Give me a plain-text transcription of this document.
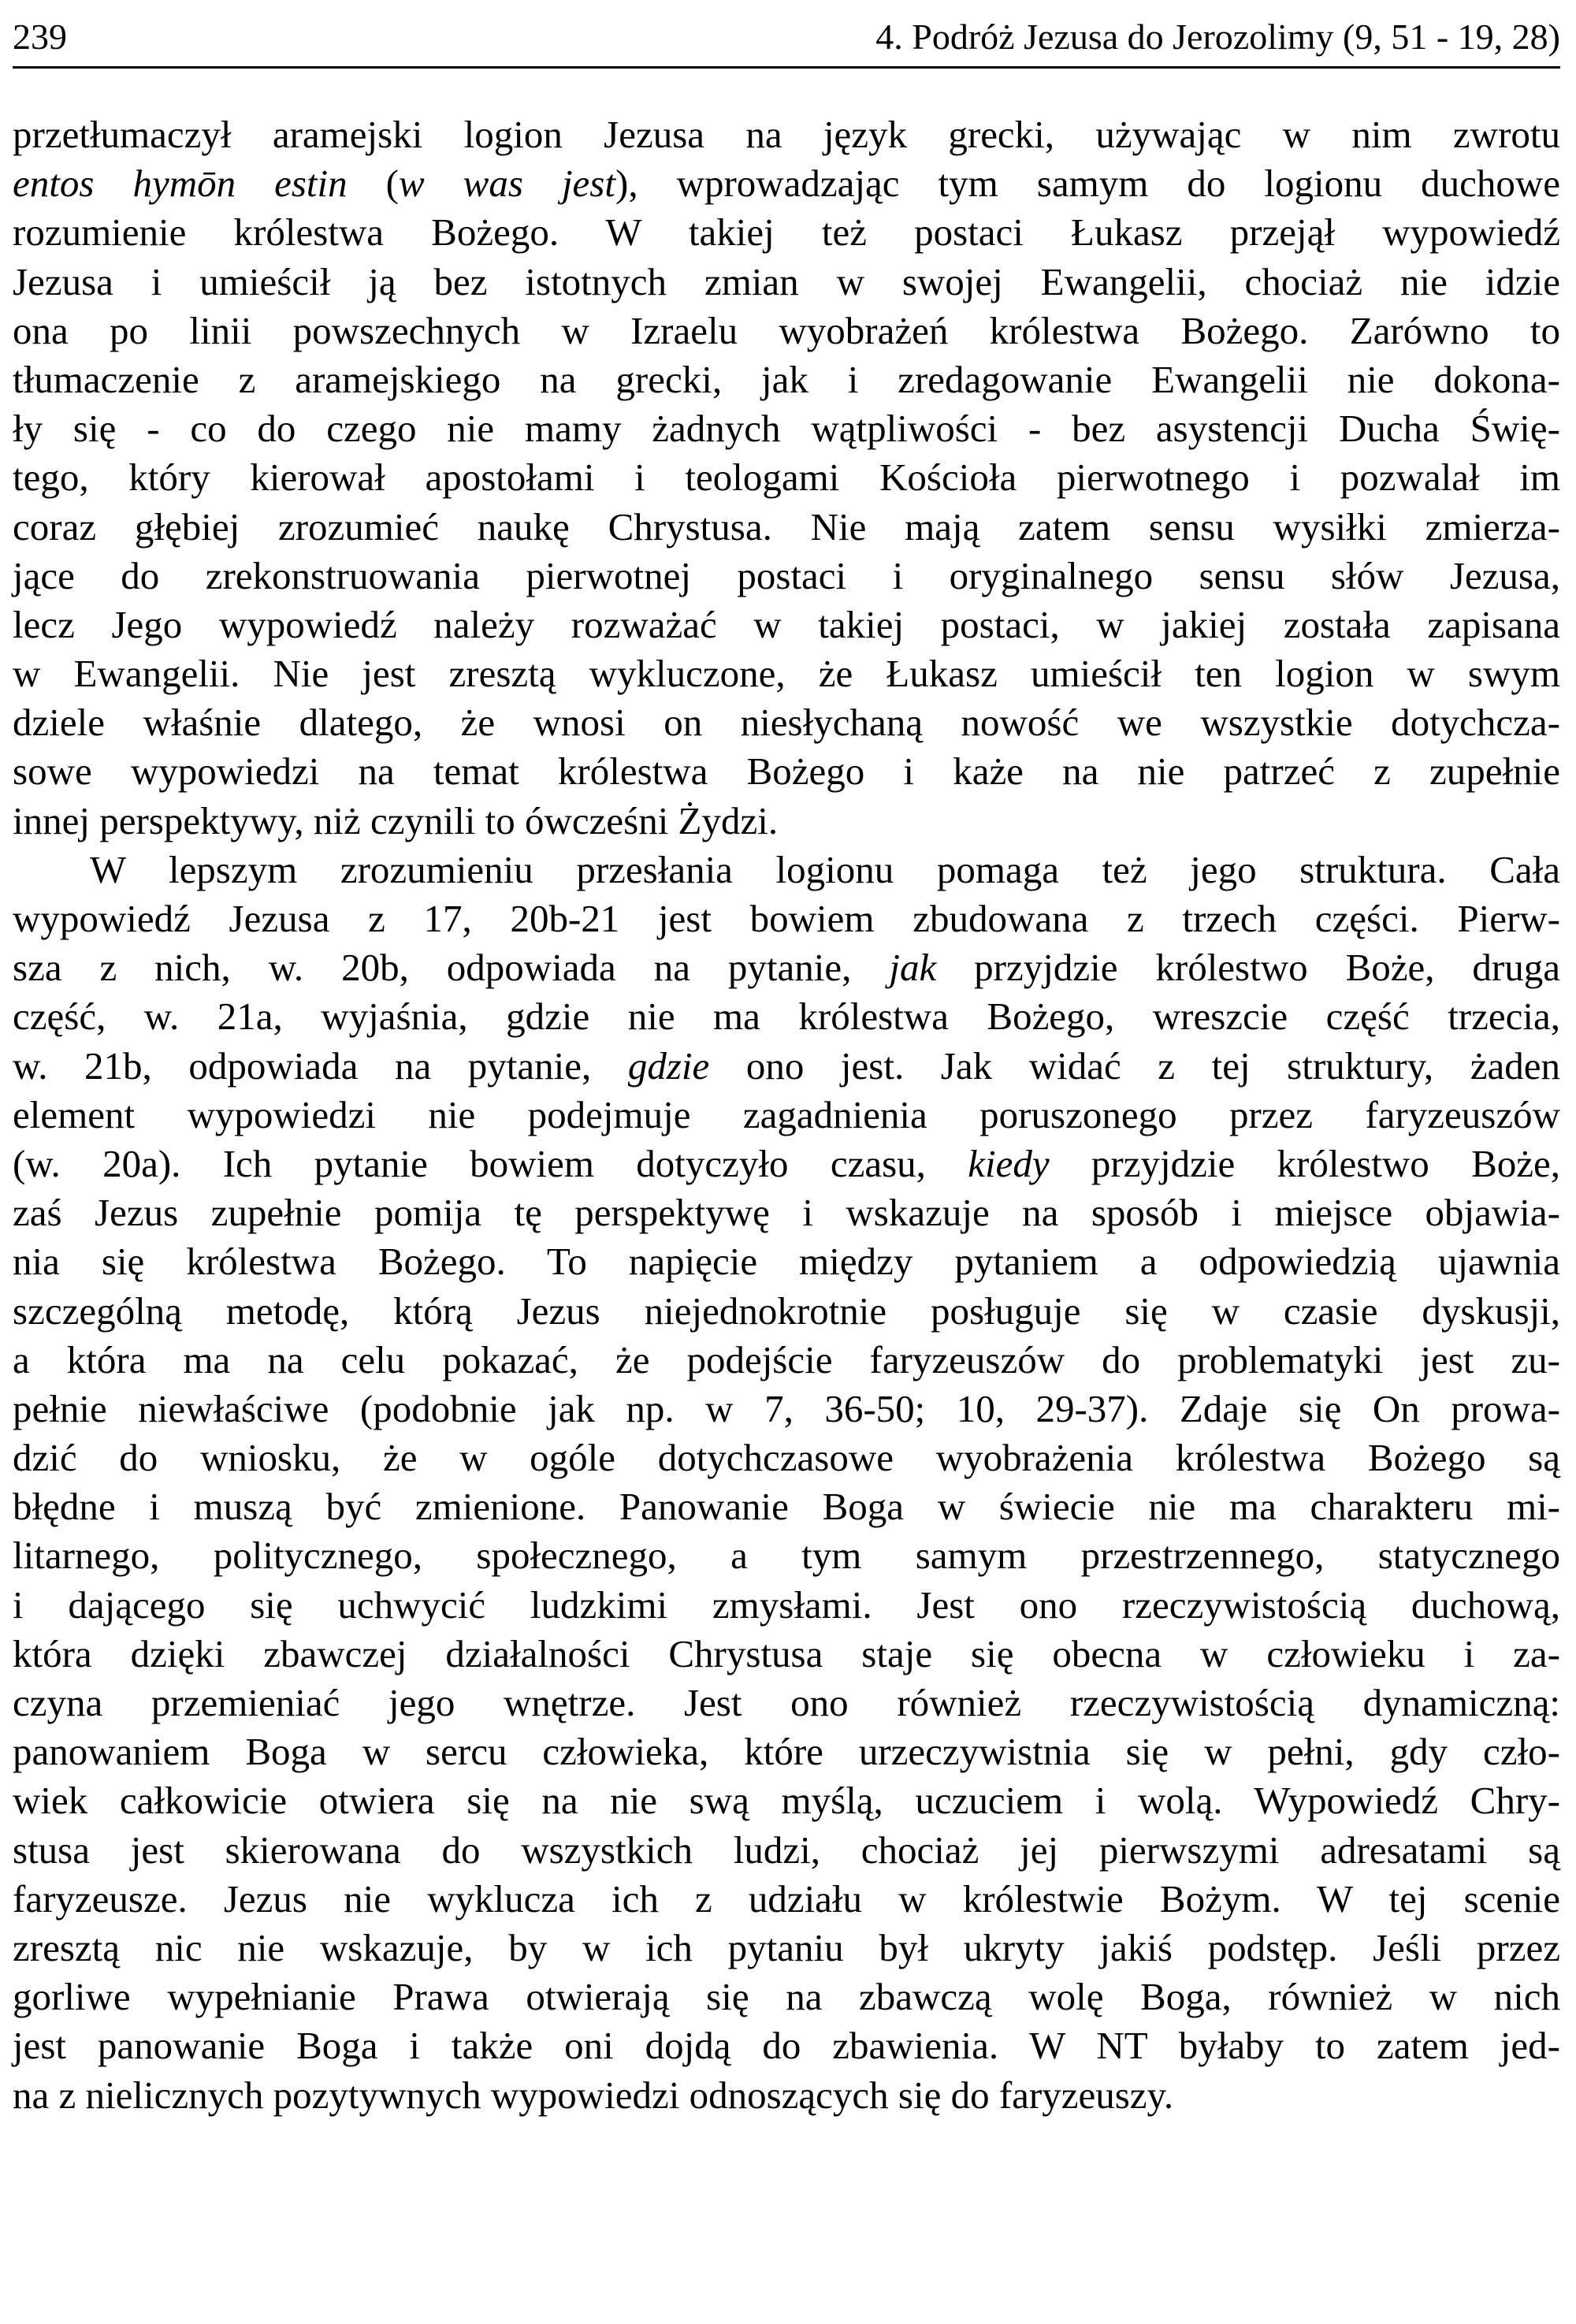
239	4. Podróż Jezusa do Jerozolimy (9, 51 - 19, 28)
przetłumaczył aramejski logion Jezusa na język grecki, używając w nim zwrotu
entos hymōn estin (w was jest), wprowadzając tym samym do logionu duchowe
rozumienie królestwa Bożego. W takiej też postaci Łukasz przejął wypowiedź
Jezusa i umieścił ją bez istotnych zmian w swojej Ewangelii, chociaż nie idzie
ona po linii powszechnych w Izraelu wyobrażeń królestwa Bożego. Zarówno to
tłumaczenie z aramejskiego na grecki, jak i zredagowanie Ewangelii nie dokona-
ły się - co do czego nie mamy żadnych wątpliwości - bez asystencji Ducha Świę-
tego, który kierował apostołami i teologami Kościoła pierwotnego i pozwalał im
coraz głębiej zrozumieć naukę Chrystusa. Nie mają zatem sensu wysiłki zmierza-
jące do zrekonstruowania pierwotnej postaci i oryginalnego sensu słów Jezusa,
lecz Jego wypowiedź należy rozważać w takiej postaci, w jakiej została zapisana
w Ewangelii. Nie jest zresztą wykluczone, że Łukasz umieścił ten logion w swym
dziele właśnie dlatego, że wnosi on niesłychaną nowość we wszystkie dotychcza-
sowe wypowiedzi na temat królestwa Bożego i każe na nie patrzeć z zupełnie
innej perspektywy, niż czynili to ówcześni Żydzi.
W lepszym zrozumieniu przesłania logionu pomaga też jego struktura. Cała
wypowiedź Jezusa z 17, 20b-21 jest bowiem zbudowana z trzech części. Pierw-
sza z nich, w. 20b, odpowiada na pytanie, jak przyjdzie królestwo Boże, druga
część, w. 21a, wyjaśnia, gdzie nie ma królestwa Bożego, wreszcie część trzecia,
w. 21b, odpowiada na pytanie, gdzie ono jest. Jak widać z tej struktury, żaden
element wypowiedzi nie podejmuje zagadnienia poruszonego przez faryzeuszów
(w. 20a). Ich pytanie bowiem dotyczyło czasu, kiedy przyjdzie królestwo Boże,
zaś Jezus zupełnie pomija tę perspektywę i wskazuje na sposób i miejsce objawia-
nia się królestwa Bożego. To napięcie między pytaniem a odpowiedzią ujawnia
szczególną metodę, którą Jezus niejednokrotnie posługuje się w czasie dyskusji,
a która ma na celu pokazać, że podejście faryzeuszów do problematyki jest zu-
pełnie niewłaściwe (podobnie jak np. w 7, 36-50; 10, 29-37). Zdaje się On prowa-
dzić do wniosku, że w ogóle dotychczasowe wyobrażenia królestwa Bożego są
błędne i muszą być zmienione. Panowanie Boga w świecie nie ma charakteru mi-
litarnego, politycznego, społecznego, a tym samym przestrzennego, statycznego
i dającego się uchwycić ludzkimi zmysłami. Jest ono rzeczywistością duchową,
która dzięki zbawczej działalności Chrystusa staje się obecna w człowieku i za-
czyna przemieniać jego wnętrze. Jest ono również rzeczywistością dynamiczną:
panowaniem Boga w sercu człowieka, które urzeczywistnia się w pełni, gdy czło-
wiek całkowicie otwiera się na nie swą myślą, uczuciem i wolą. Wypowiedź Chry-
stusa jest skierowana do wszystkich ludzi, chociaż jej pierwszymi adresatami są
faryzeusze. Jezus nie wyklucza ich z udziału w królestwie Bożym. W tej scenie
zresztą nic nie wskazuje, by w ich pytaniu był ukryty jakiś podstęp. Jeśli przez
gorliwe wypełnianie Prawa otwierają się na zbawczą wolę Boga, również w nich
jest panowanie Boga i także oni dojdą do zbawienia. W NT byłaby to zatem jed-
na z nielicznych pozytywnych wypowiedzi odnoszących się do faryzeuszy.
